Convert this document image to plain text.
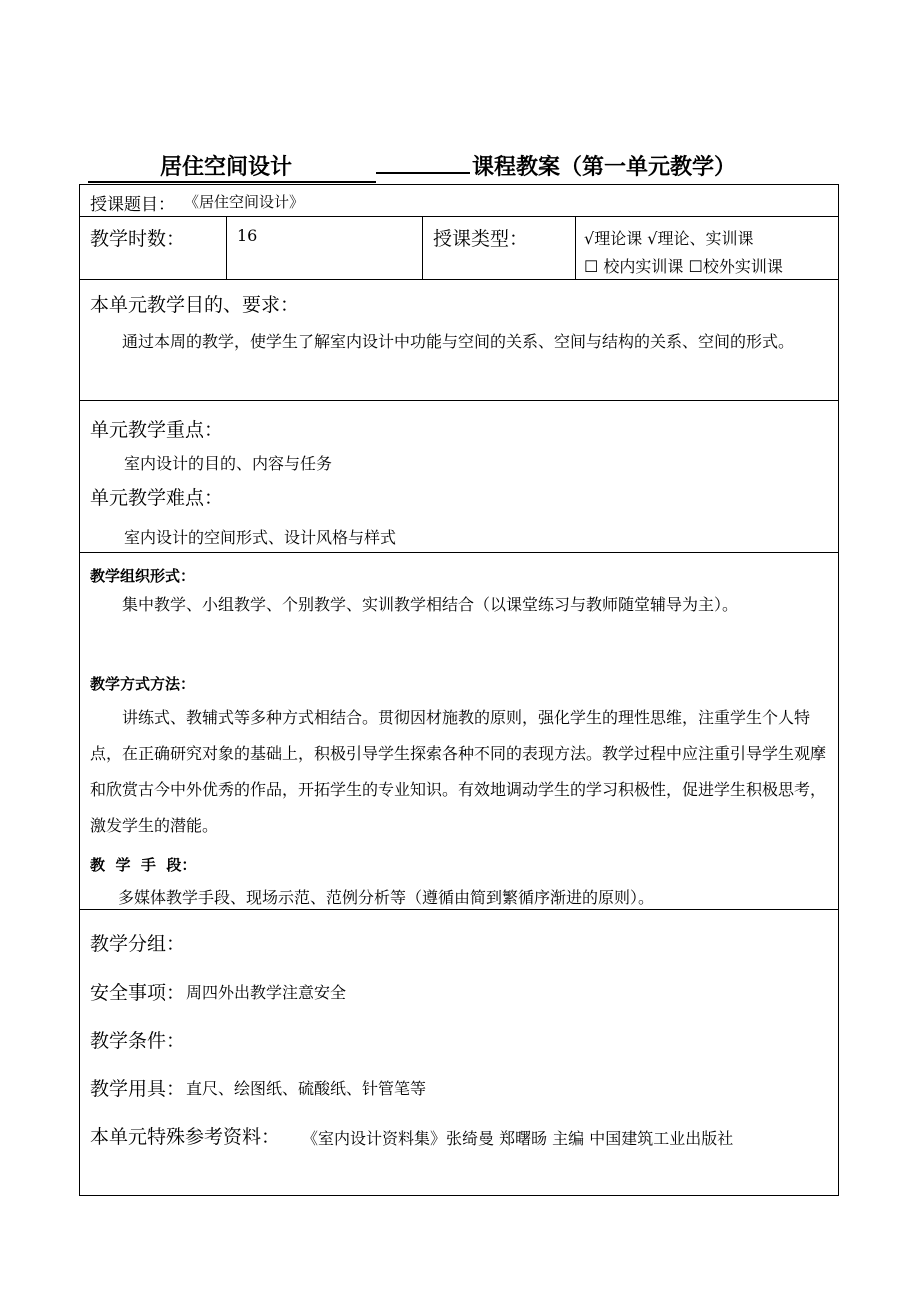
居住空间设计	课程教案（第一单元教学）
授课题目： 《居住空间设计》
教学时数：	16	授课类型：	√理论课 √理论、实训课
☐ 校内实训课 ☐校外实训课
本单元教学目的、要求：
通过本周的教学，使学生了解室内设计中功能与空间的关系、空间与结构的关系、空间的形式。
单元教学重点：
室内设计的目的、内容与任务
单元教学难点：
室内设计的空间形式、设计风格与样式
教学组织形式：
集中教学、小组教学、个别教学、实训教学相结合（以课堂练习与教师随堂辅导为主）。
教学方式方法：
讲练式、教辅式等多种方式相结合。贯彻因材施教的原则，强化学生的理性思维，注重学生个人特点，在正确研究对象的基础上，积极引导学生探索各种不同的表现方法。教学过程中应注重引导学生观摩和欣赏古今中外优秀的作品，开拓学生的专业知识。有效地调动学生的学习积极性，促进学生积极思考，激发学生的潜能。
教  学  手  段：
多媒体教学手段、现场示范、范例分析等（遵循由简到繁循序渐进的原则）。
教学分组：
安全事项： 周四外出教学注意安全
教学条件：
教学用具： 直尺、绘图纸、硫酸纸、针管笔等
本单元特殊参考资料：	《室内设计资料集》张绮曼 郑曙旸 主编 中国建筑工业出版社
